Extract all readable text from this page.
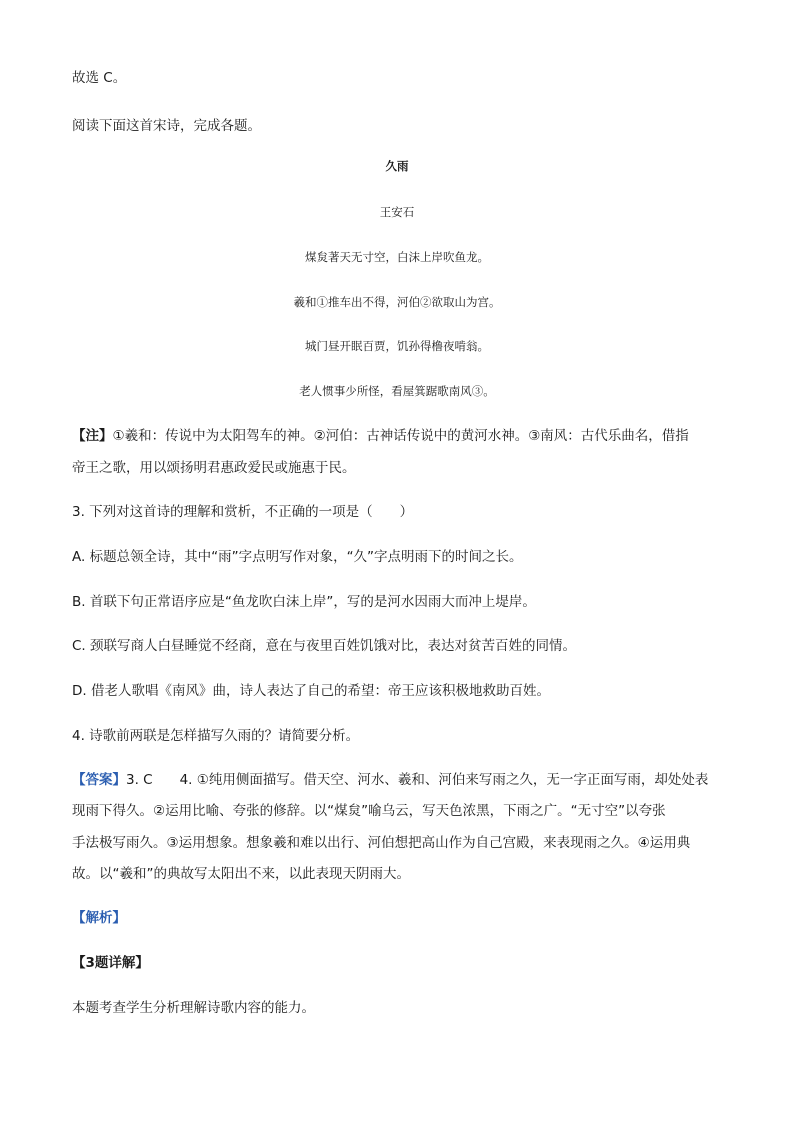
故选 C。
阅读下面这首宋诗，完成各题。
久雨
王安石
煤炱著天无寸空，白沫上岸吹鱼龙。
羲和①推车出不得，河伯②欲取山为宫。
城门昼开眠百贾，饥孙得橹夜啃翁。
老人惯事少所怪，看屋箕踞歌南风③。
【注】①羲和：传说中为太阳驾车的神。②河伯：古神话传说中的黄河水神。③南风：古代乐曲名，借指
帝王之歌，用以颂扬明君惠政爱民或施惠于民。
3. 下列对这首诗的理解和赏析，不正确的一项是（　　）
A. 标题总领全诗，其中“雨”字点明写作对象，“久”字点明雨下的时间之长。
B. 首联下句正常语序应是“鱼龙吹白沫上岸”，写的是河水因雨大而冲上堤岸。
C. 颈联写商人白昼睡觉不经商，意在与夜里百姓饥饿对比，表达对贫苦百姓的同情。
D. 借老人歌唱《南风》曲，诗人表达了自己的希望：帝王应该积极地救助百姓。
4. 诗歌前两联是怎样描写久雨的？请简要分析。
【答案】3. C　　4. ①纯用侧面描写。借天空、河水、羲和、河伯来写雨之久，无一字正面写雨，却处处表
现雨下得久。②运用比喻、夸张的修辞。以“煤炱”喻乌云，写天色浓黑，下雨之广。“无寸空”以夸张
手法极写雨久。③运用想象。想象羲和难以出行、河伯想把高山作为自己宫殿，来表现雨之久。④运用典
故。以“羲和”的典故写太阳出不来，以此表现天阴雨大。
【解析】
【3题详解】
本题考查学生分析理解诗歌内容的能力。
